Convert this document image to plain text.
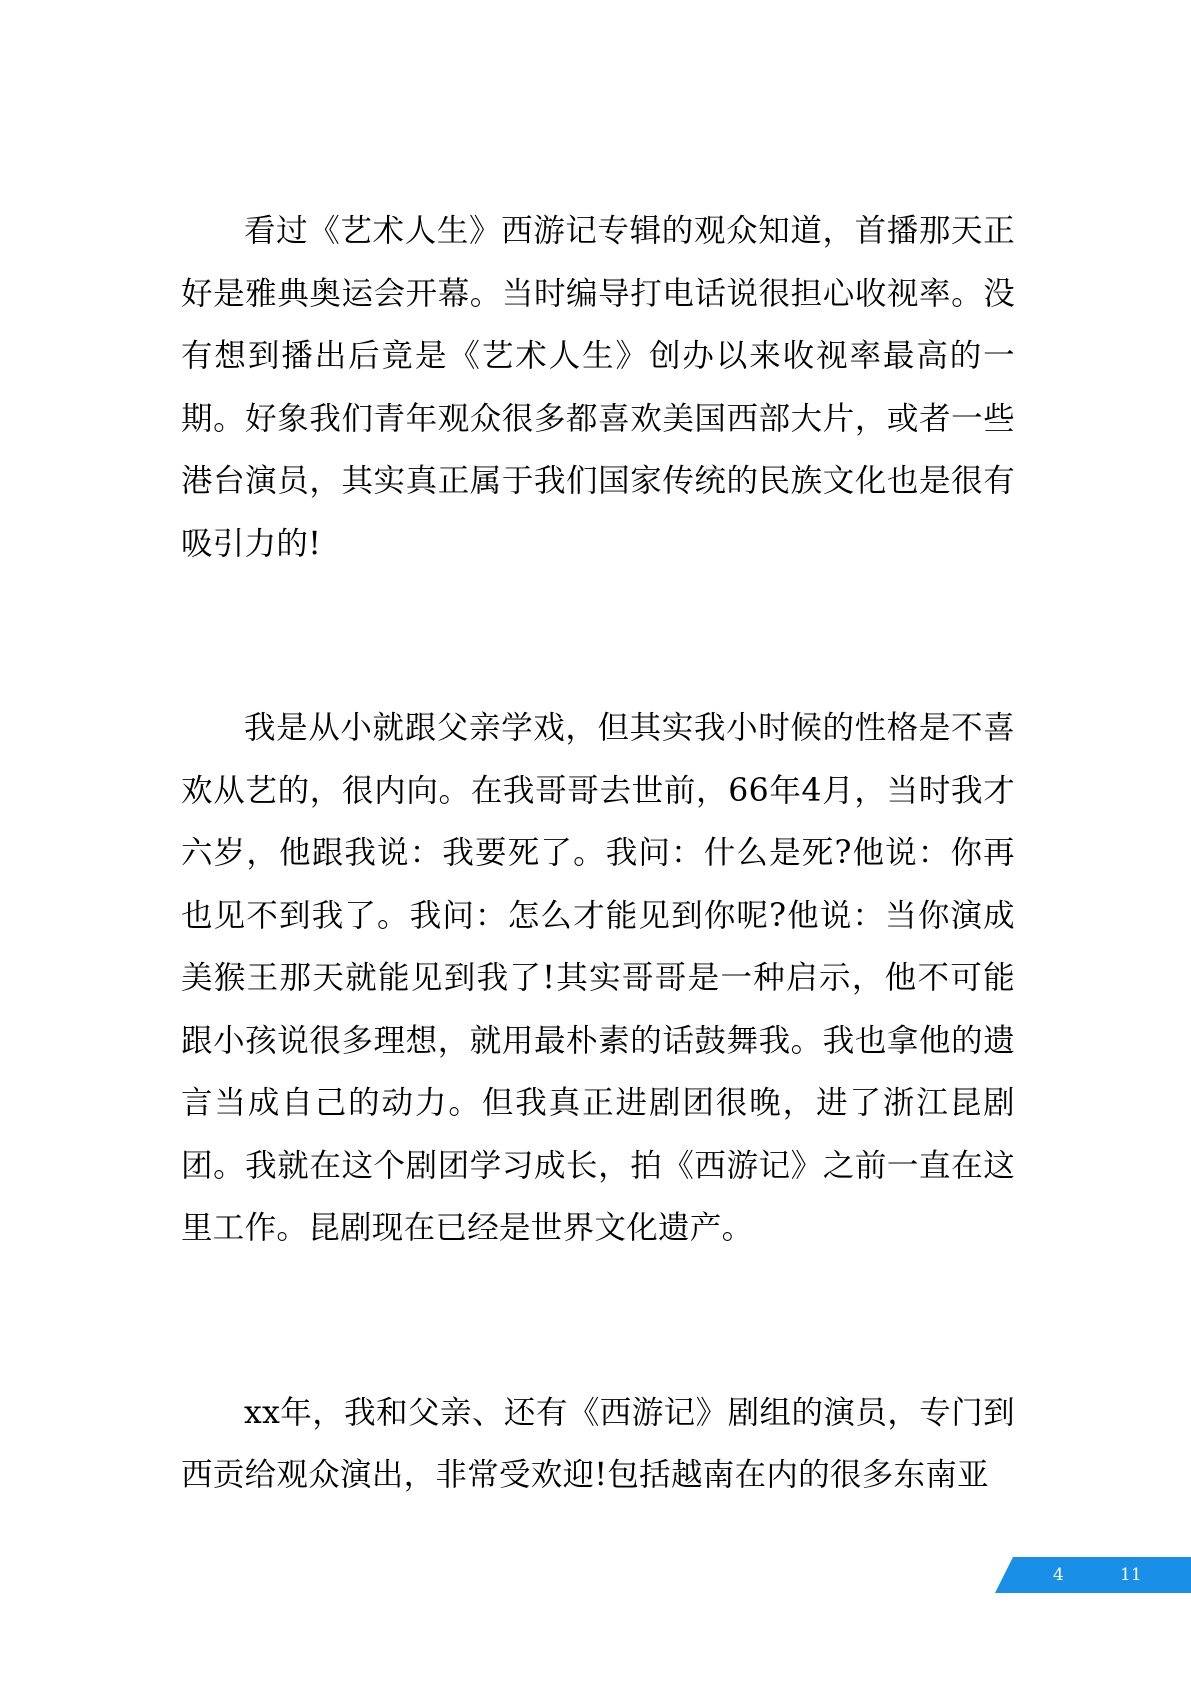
看过《艺术人生》西游记专辑的观众知道，首播那天正好是雅典奥运会开幕。当时编导打电话说很担心收视率。没有想到播出后竟是《艺术人生》创办以来收视率最高的一期。好象我们青年观众很多都喜欢美国西部大片，或者一些港台演员，其实真正属于我们国家传统的民族文化也是很有吸引力的!

我是从小就跟父亲学戏，但其实我小时候的性格是不喜欢从艺的，很内向。在我哥哥去世前，66年4月，当时我才六岁，他跟我说：我要死了。我问：什么是死?他说：你再也见不到我了。我问：怎么才能见到你呢?他说：当你演成美猴王那天就能见到我了!其实哥哥是一种启示，他不可能跟小孩说很多理想，就用最朴素的话鼓舞我。我也拿他的遗言当成自己的动力。但我真正进剧团很晚，进了浙江昆剧团。我就在这个剧团学习成长，拍《西游记》之前一直在这里工作。昆剧现在已经是世界文化遗产。

xx年，我和父亲、还有《西游记》剧组的演员，专门到西贡给观众演出，非常受欢迎!包括越南在内的很多东南亚

4	11
